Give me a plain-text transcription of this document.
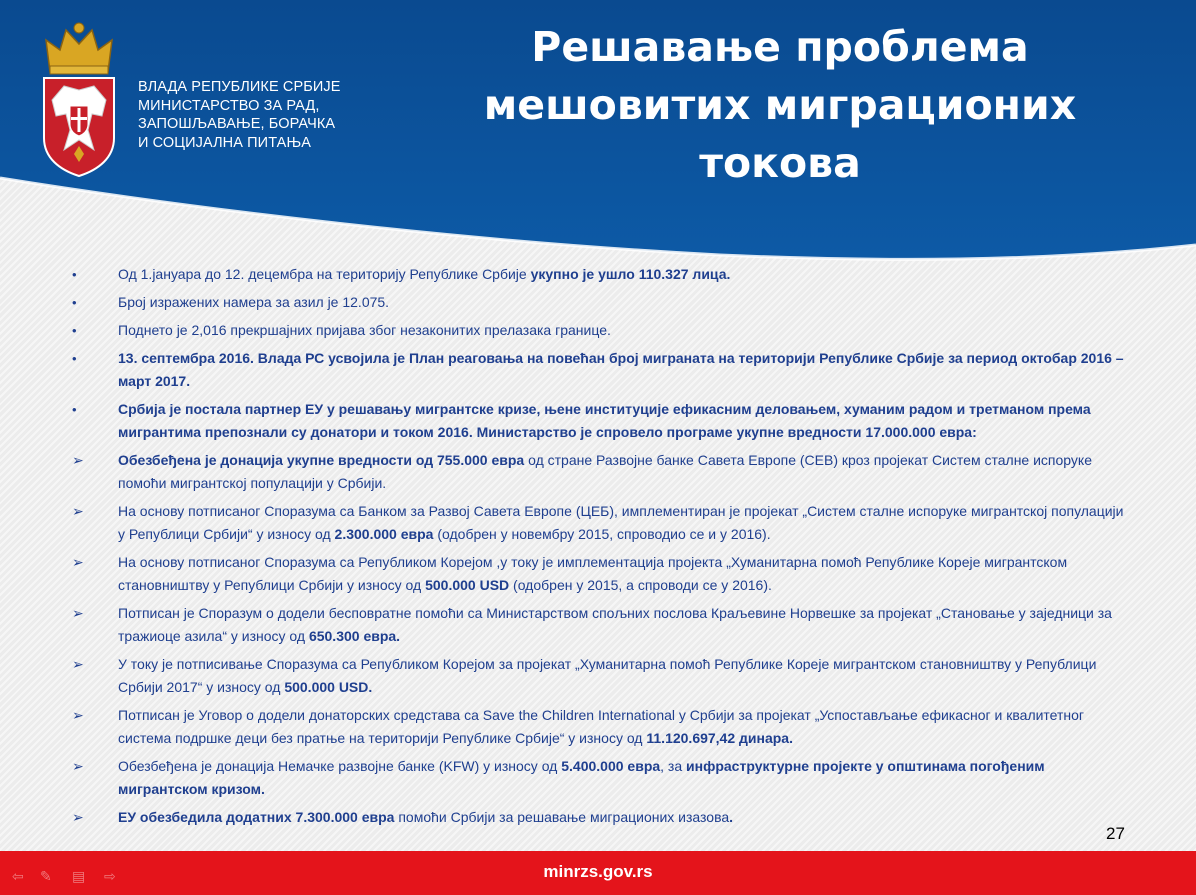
ВЛАДА РЕПУБЛИКЕ СРБИЈЕ
МИНИСТАРСТВО ЗА РАД,
ЗАПОШЉАВАЊЕ, БОРАЧКА
И СОЦИЈАЛНА ПИТАЊА
Решавање проблема
мешовитих миграционих
токова
•	Од 1.јануара до 12. децембра на територију Републике Србије укупно је ушло 110.327 лица.
•	Број изражених намера за азил је 12.075.
•	Поднето је 2,016 прекршајних пријава због незаконитих прелазака границе.
•	13. септембра 2016. Влада РС усвојила је План реаговања на повећан број миграната на територији Републике Србије за период октобар 2016 – март 2017.
•	Србија је постала партнер ЕУ у решавању мигрантске кризе, њене институције ефикасним деловањем, хуманим радом и третманом према мигрантима препознали су донатори и током 2016. Министарство је спровело програме укупне вредности 17.000.000 евра:
➢	Обезбеђена је донација укупне вредности од 755.000 евра од стране Развојне банке Савета Европе (СЕВ) кроз пројекат Систем сталне испоруке помоћи мигрантској популацији у Србији.
➢	На основу потписаног Споразума са Банком за Развој Савета Европе (ЦЕБ), имплементиран је пројекат „Систем сталне испоруке мигрантској популацији у Републици Србији“ у износу од 2.300.000 евра (одобрен у новембру 2015, спроводио се и у 2016).
➢	На основу потписаног Споразума са Републиком Корејом ,у току је имплементација пројекта „Хуманитарна помоћ Републике Кореје мигрантском становништву у Републици Србији у износу од 500.000 USD (одобрен у 2015, а спроводи се у 2016).
➢	Потписан је Споразум о додели бесповратне помоћи са Министарством спољних послова Краљевине Норвешке за пројекат „Становање у заједници за тражиоце азила“ у износу од 650.300 евра.
➢	У току је потписивање Споразума са Републиком Корејом за пројекат „Хуманитарна помоћ Републике Кореје мигрантском становништву у Републици Србији 2017“ у износу од 500.000 USD.
➢	Потписан је Уговор о додели донаторских средстава са Save the Children International у Србији за пројекат „Успостављање ефикасног и квалитетног система подршке деци без пратње на територији Републике Србије“ у износу од 11.120.697,42 динара.
➢	Обезбеђена је донација Немачке развојне банке (KFW) у износу од 5.400.000 евра, за инфраструктурне пројекте у општинама погођеним мигрантском кризом.
➢	ЕУ обезбедила додатних 7.300.000 евра помоћи Србији за решавање миграционих изазова.
27
⇦ ✎ ▤ ⇨	minrzs.gov.rs
